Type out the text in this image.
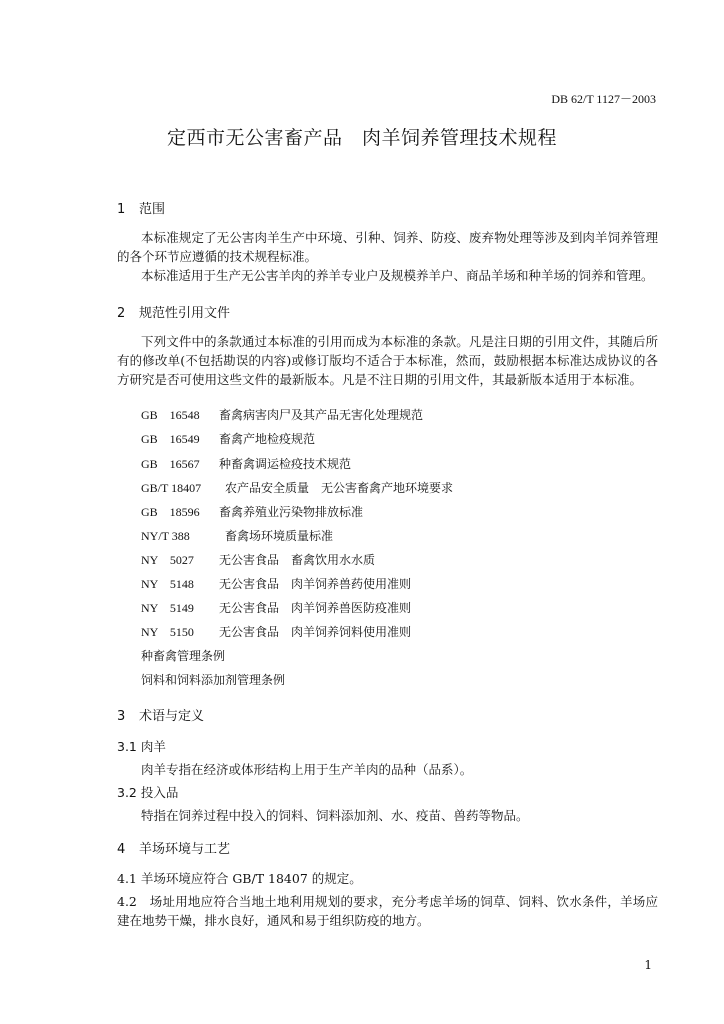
DB 62/T 1127－2003
定西市无公害畜产品　肉羊饲养管理技术规程
1 范围
本标准规定了无公害肉羊生产中环境、引种、饲养、防疫、废弃物处理等涉及到肉羊饲养管理的各个环节应遵循的技术规程标准。
本标准适用于生产无公害羊肉的养羊专业户及规模养羊户、商品羊场和种羊场的饲养和管理。
2 规范性引用文件
下列文件中的条款通过本标准的引用而成为本标准的条款。凡是注日期的引用文件，其随后所有的修改单(不包括勘误的内容)或修订版均不适合于本标准，然而，鼓励根据本标准达成协议的各方研究是否可使用这些文件的最新版本。凡是不注日期的引用文件，其最新版本适用于本标准。
GB　16548 畜禽病害肉尸及其产品无害化处理规范
GB　16549 畜禽产地检疫规范
GB　16567 种畜禽调运检疫技术规范
GB/T 18407 农产品安全质量　无公害畜禽产地环境要求
GB　18596 畜禽养殖业污染物排放标准
NY/T 388	畜禽场环境质量标准
NY　5027 无公害食品　畜禽饮用水水质
NY　5148 无公害食品　肉羊饲养兽药使用准则
NY　5149 无公害食品　肉羊饲养兽医防疫准则
NY　5150 无公害食品　肉羊饲养饲料使用准则
种畜禽管理条例
饲料和饲料添加剂管理条例
3 术语与定义
3.1 肉羊
肉羊专指在经济或体形结构上用于生产羊肉的品种（品系）。
3.2 投入品
特指在饲养过程中投入的饲料、饲料添加剂、水、疫苗、兽药等物品。
4 羊场环境与工艺
4.1 羊场环境应符合 GB/T 18407 的规定。
4.2　场址用地应符合当地土地利用规划的要求，充分考虑羊场的饲草、饲料、饮水条件，羊场应建在地势干燥，排水良好，通风和易于组织防疫的地方。
1
